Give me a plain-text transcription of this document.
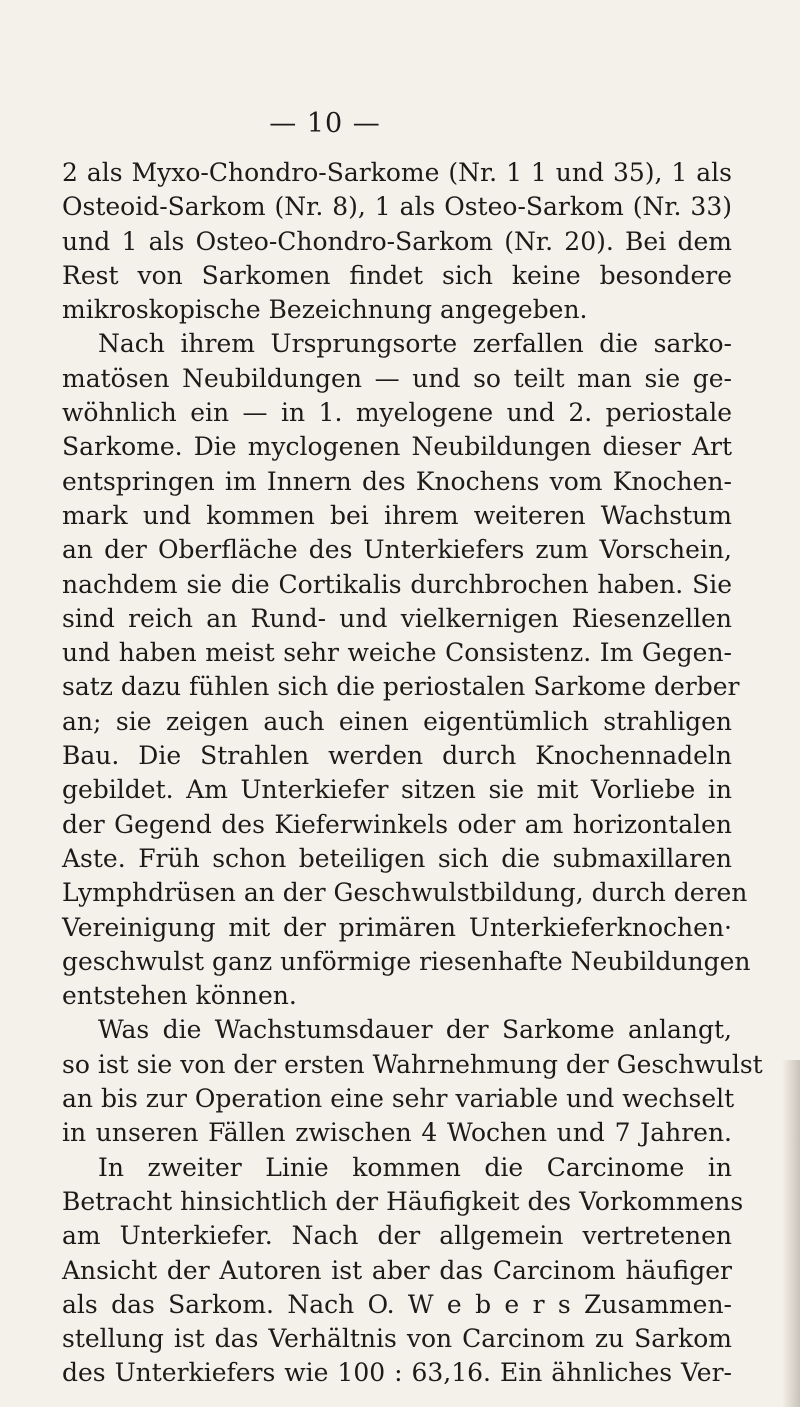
— 10 —
2 als Myxo-Chondro-Sarkome (Nr. 1 1 und 35), 1 als
Osteoid-Sarkom (Nr. 8), 1 als Osteo-Sarkom (Nr. 33)
und 1 als Osteo-Chondro-Sarkom (Nr. 20). Bei dem
Rest von Sarkomen findet sich keine besondere
mikroskopische Bezeichnung angegeben.
Nach ihrem Ursprungsorte zerfallen die sarko-
matösen Neubildungen — und so teilt man sie ge-
wöhnlich ein — in 1. myelogene und 2. periostale
Sarkome. Die myclogenen Neubildungen dieser Art
entspringen im Innern des Knochens vom Knochen-
mark und kommen bei ihrem weiteren Wachstum
an der Oberfläche des Unterkiefers zum Vorschein,
nachdem sie die Cortikalis durchbrochen haben. Sie
sind reich an Rund- und vielkernigen Riesenzellen
und haben meist sehr weiche Consistenz. Im Gegen-
satz dazu fühlen sich die periostalen Sarkome derber
an; sie zeigen auch einen eigentümlich strahligen
Bau. Die Strahlen werden durch Knochennadeln
gebildet. Am Unterkiefer sitzen sie mit Vorliebe in
der Gegend des Kieferwinkels oder am horizontalen
Aste. Früh schon beteiligen sich die submaxillaren
Lymphdrüsen an der Geschwulstbildung, durch deren
Vereinigung mit der primären Unterkieferknochen·
geschwulst ganz unförmige riesenhafte Neubildungen
entstehen können.
Was die Wachstumsdauer der Sarkome anlangt,
so ist sie von der ersten Wahrnehmung der Geschwulst
an bis zur Operation eine sehr variable und wechselt
in unseren Fällen zwischen 4 Wochen und 7 Jahren.
In zweiter Linie kommen die Carcinome in
Betracht hinsichtlich der Häufigkeit des Vorkommens
am Unterkiefer. Nach der allgemein vertretenen
Ansicht der Autoren ist aber das Carcinom häufiger
als das Sarkom. Nach O. W e b e r s Zusammen-
stellung ist das Verhältnis von Carcinom zu Sarkom
des Unterkiefers wie 100 : 63,16. Ein ähnliches Ver-
